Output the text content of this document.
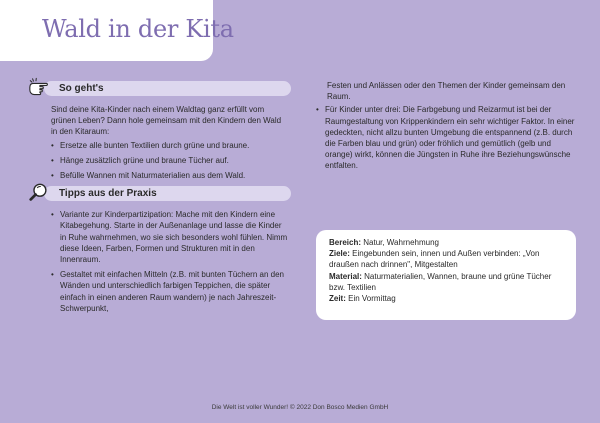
Wald in der Kita
So geht's

Sind deine Kita-Kinder nach einem Waldtag ganz erfüllt vom grünen Leben? Dann hole gemeinsam mit den Kindern den Wald in den Kitaraum:

• Ersetze alle bunten Textilien durch grüne und braune.
• Hänge zusätzlich grüne und braune Tücher auf.
• Befülle Wannen mit Naturmaterialien aus dem Wald.
Tipps aus der Praxis
• Variante zur Kinderpartizipation: Mache mit den Kindern eine Kitabegehung. Starte in der Außenanlage und lasse die Kinder in Ruhe wahrnehmen, wo sie sich besonders wohl fühlen. Nimm diese Ideen, Farben, Formen und Strukturen mit in den Innenraum.
• Gestaltet mit einfachen Mitteln (z.B. mit bunten Tüchern an den Wänden und unterschiedlich farbigen Teppichen, die später einfach in einen anderen Raum wandern) je nach Jahreszeit-Schwerpunkt,

Festen und Anlässen oder den Themen der Kinder gemeinsam den Raum.

• Für Kinder unter drei: Die Farbgebung und Reizarmut ist bei der Raumgestaltung von Krippenkindern ein sehr wichtiger Faktor. In einer gedeckten, nicht allzu bunten Umgebung die entspannend (z.B. durch die Farben blau und grün) oder fröhlich und gemütlich (gelb und orange) wirkt, können die Jüngsten in Ruhe ihre Beziehungswünsche entfalten.
Bereich: Natur, Wahrnehmung
Ziele: Eingebunden sein, innen und Außen verbinden: „Von draußen nach drinnen", Mitgestalten
Material: Naturmaterialien, Wannen, braune und grüne Tücher bzw. Textilien
Zeit: Ein Vormittag
Die Welt ist voller Wunder! © 2022 Don Bosco Medien GmbH
